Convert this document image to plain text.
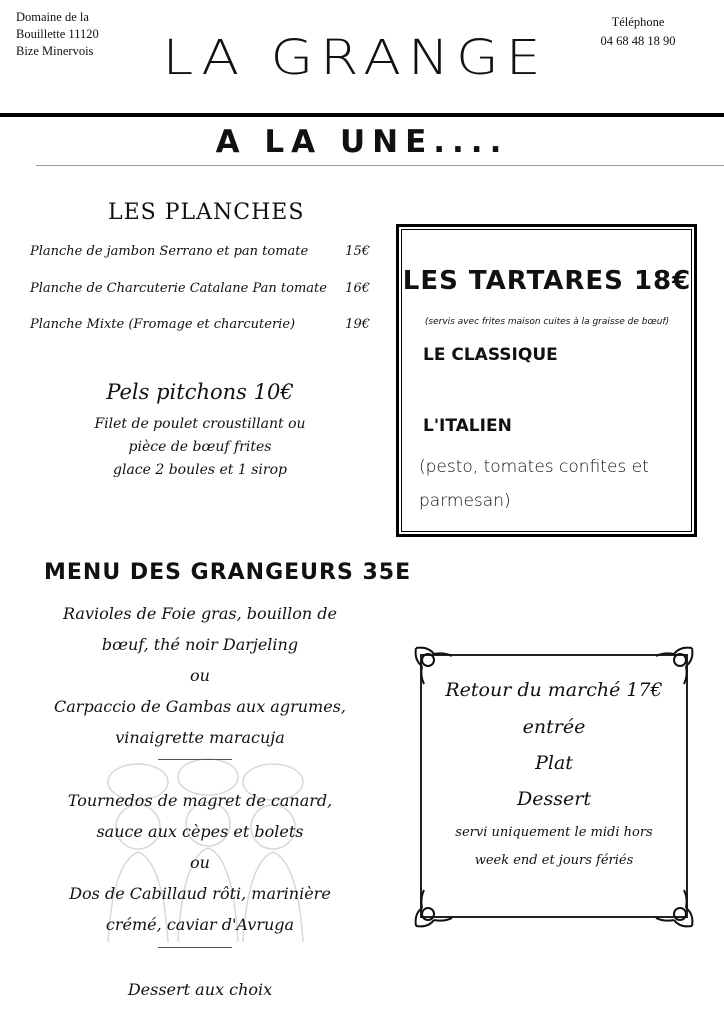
Domaine de la
Bouillette 11120
Bize Minervois
Téléphone
04 68 48 18 90
LA GRANGE
A LA UNE....
LES PLANCHES
Planche de jambon Serrano et pan tomate	15€
Planche de Charcuterie Catalane Pan tomate 16€
Planche Mixte (Fromage et charcuterie)	19€
Pels pitchons 10€
Filet de poulet croustillant ou
pièce de bœuf frites
glace 2 boules et 1 sirop
LES TARTARES 18€
(servis avec frites maison cuites à la graisse de bœuf)
LE CLASSIQUE
L'ITALIEN
(pesto, tomates confites et
parmesan)
MENU DES GRANGEURS 35E
Ravioles de Foie gras, bouillon de
bœuf, thé noir Darjeling
ou
Carpaccio de Gambas aux agrumes,
vinaigrette maracuja
Tournedos de magret de canard,
sauce aux cèpes et bolets
ou
Dos de Cabillaud rôti, marinière
crémé, caviar d'Avruga
Dessert aux choix
Retour du marché 17€
entrée
Plat
Dessert
servi uniquement le midi hors
week end et jours fériés
